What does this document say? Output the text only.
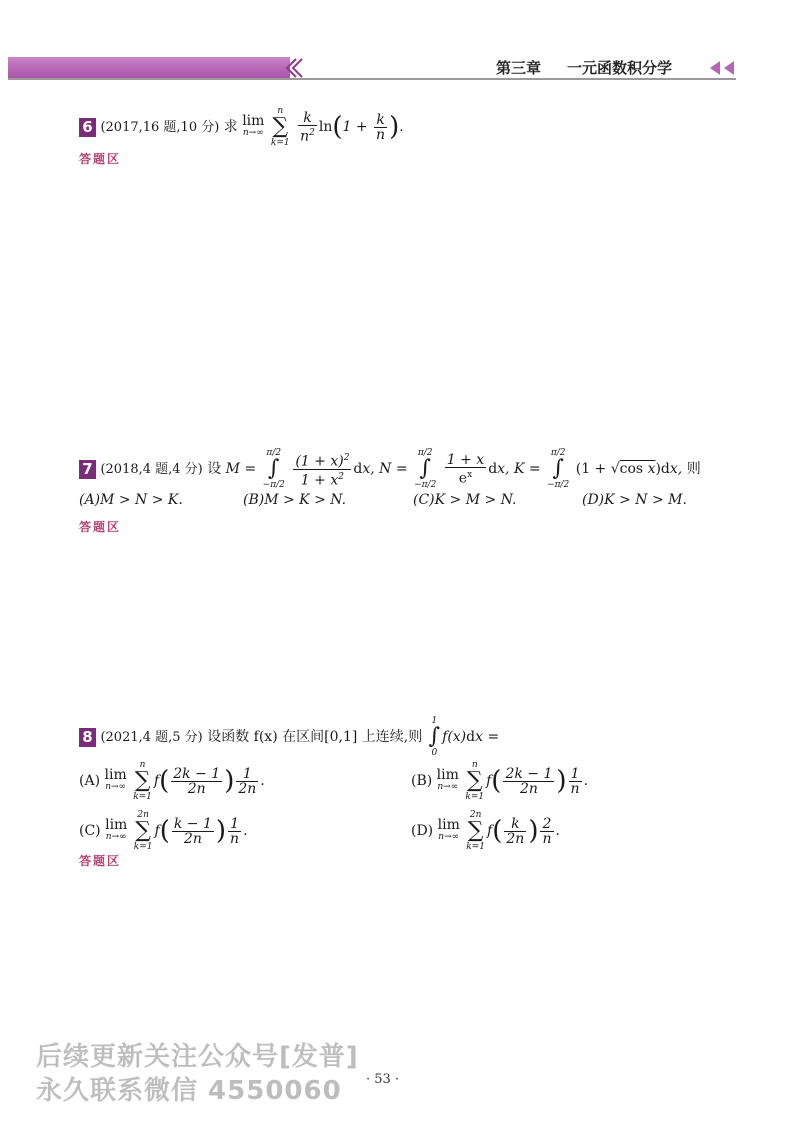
第三章 一元函数积分学
6 (2017,16 题,10 分) 求 lim
n→∞

n
∑
k=1
$\frac{k}{n^2} \ln(1 + \frac{k}{n}$ ).
答题区
7 (2018,4 题,4 分) 设 M =
π/2
∫
−π/2
$\frac{(1 + x)^2}{1 + x^2}$ dx, N =
π/2
∫
−π/2
$\frac{1 + x}{e^x}$ dx, K =
π/2
∫
−π/2
(1 + √cos x)dx, 则
(A)M > N > K.	(B)M > K > N.	(C)K > M > N.	(D)K > N > M.
答题区
8 (2021,4 题,5 分) 设函数 f(x) 在区间[0,1] 上连续,则
1
∫
0
f(x)dx =
(A) lim
n→∞

n
∑
k=1
$f( \frac{2k - 1}{2n}$ ) $\frac{1}{2n}$ .	(B) lim
n→∞

n
∑
k=1
$f( \frac{2k - 1}{2n}$ ) $\frac{1}{n}$ .
(C) lim
n→∞

2n
∑
k=1
$f( \frac{k - 1}{2n}$ ) $\frac{1}{n}$ .	(D) lim
n→∞

2n
∑
k=1
$f( \frac{k}{2n}$ ) $\frac{2}{n}$ .
答题区
后续更新关注公众号[发普]
永久联系微信 4550060 · 53 ·
